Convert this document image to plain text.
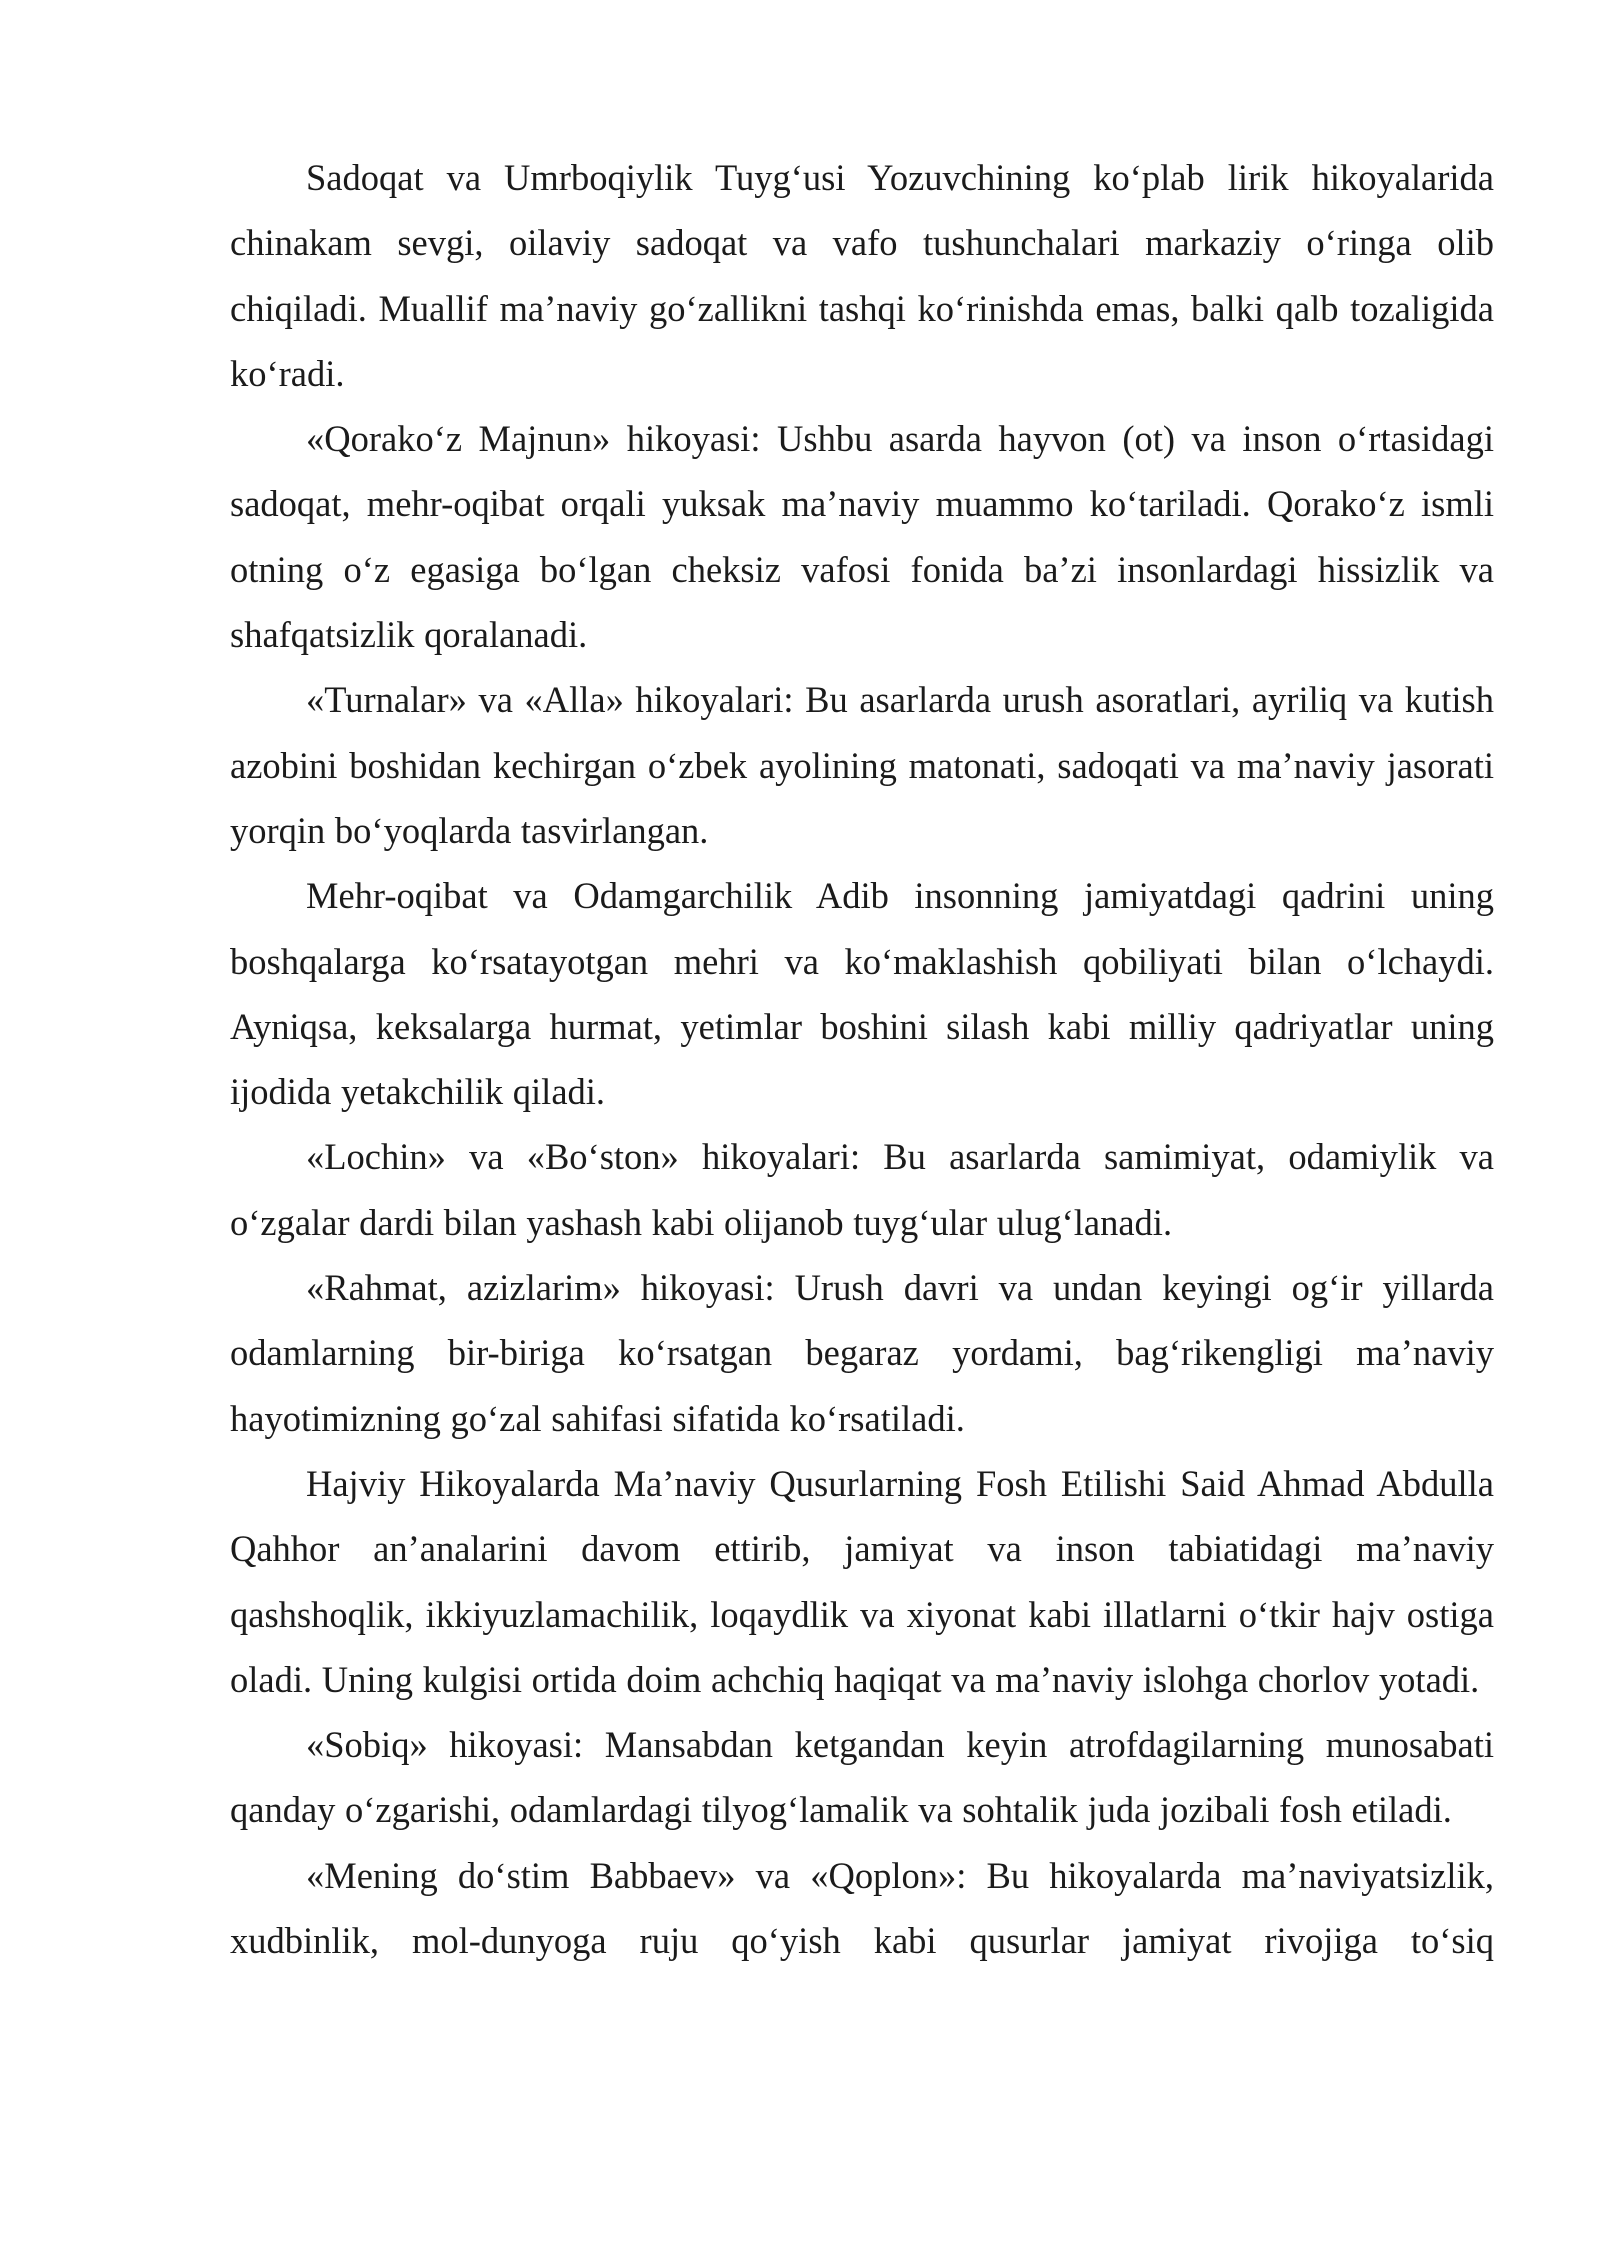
Sadoqat va Umrboqiylik Tuyg‘usi Yozuvchining ko‘plab lirik hikoyalarida chinakam sevgi, oilaviy sadoqat va vafo tushunchalari markaziy o‘ringa olib chiqiladi. Muallif ma’naviy go‘zallikni tashqi ko‘rinishda emas, balki qalb tozaligida ko‘radi.

«Qorako‘z Majnun» hikoyasi: Ushbu asarda hayvon (ot) va inson o‘rtasidagi sadoqat, mehr-oqibat orqali yuksak ma’naviy muammo ko‘tariladi. Qorako‘z ismli otning o‘z egasiga bo‘lgan cheksiz vafosi fonida ba’zi insonlardagi hissizlik va shafqatsizlik qoralanadi.

«Turnalar» va «Alla» hikoyalari: Bu asarlarda urush asoratlari, ayriliq va kutish azobini boshidan kechirgan o‘zbek ayolining matonati, sadoqati va ma’naviy jasorati yorqin bo‘yoqlarda tasvirlangan.

Mehr-oqibat va Odamgarchilik Adib insonning jamiyatdagi qadrini uning boshqalarga ko‘rsatayotgan mehri va ko‘maklashish qobiliyati bilan o‘lchaydi. Ayniqsa, keksalarga hurmat, yetimlar boshini silash kabi milliy qadriyatlar uning ijodida yetakchilik qiladi.

«Lochin» va «Bo‘ston» hikoyalari: Bu asarlarda samimiyat, odamiylik va o‘zgalar dardi bilan yashash kabi olijanob tuyg‘ular ulug‘lanadi.

«Rahmat, azizlarim» hikoyasi: Urush davri va undan keyingi og‘ir yillarda odamlarning bir-biriga ko‘rsatgan begaraz yordami, bag‘rikengligi ma’naviy hayotimizning go‘zal sahifasi sifatida ko‘rsatiladi.

Hajviy Hikoyalarda Ma’naviy Qusurlarning Fosh Etilishi Said Ahmad Abdulla Qahhor an’analarini davom ettirib, jamiyat va inson tabiatidagi ma’naviy qashshoqlik, ikkiyuzlamachilik, loqaydlik va xiyonat kabi illatlarni o‘tkir hajv ostiga oladi. Uning kulgisi ortida doim achchiq haqiqat va ma’naviy islohga chorlov yotadi.

«Sobiq» hikoyasi: Mansabdan ketgandan keyin atrofdagilarning munosabati qanday o‘zgarishi, odamlardagi tilyog‘lamalik va sohtalik juda jozibali fosh etiladi.

«Mening do‘stim Babbaev» va «Qoplon»: Bu hikoyalarda ma’naviyatsizlik, xudbinlik, mol-dunyoga ruju qo‘yish kabi qusurlar jamiyat rivojiga to‘siq
